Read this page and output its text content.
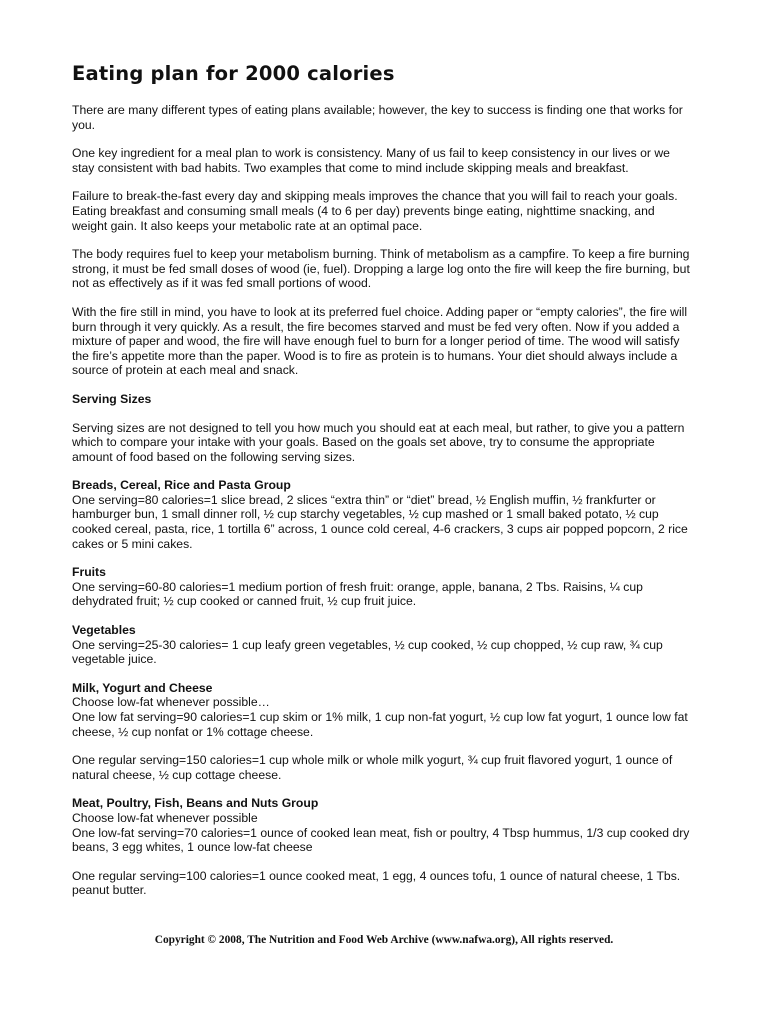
Eating plan for 2000 calories

There are many different types of eating plans available; however, the key to success is finding one that works for you.

One key ingredient for a meal plan to work is consistency. Many of us fail to keep consistency in our lives or we stay consistent with bad habits. Two examples that come to mind include skipping meals and breakfast.

Failure to break-the-fast every day and skipping meals improves the chance that you will fail to reach your goals. Eating breakfast and consuming small meals (4 to 6 per day) prevents binge eating, nighttime snacking, and weight gain. It also keeps your metabolic rate at an optimal pace.

The body requires fuel to keep your metabolism burning. Think of metabolism as a campfire. To keep a fire burning strong, it must be fed small doses of wood (ie, fuel). Dropping a large log onto the fire will keep the fire burning, but not as effectively as if it was fed small portions of wood.

With the fire still in mind, you have to look at its preferred fuel choice. Adding paper or “empty calories”, the fire will burn through it very quickly. As a result, the fire becomes starved and must be fed very often. Now if you added a mixture of paper and wood, the fire will have enough fuel to burn for a longer period of time. The wood will satisfy the fire’s appetite more than the paper. Wood is to fire as protein is to humans. Your diet should always include a source of protein at each meal and snack.

Serving Sizes

Serving sizes are not designed to tell you how much you should eat at each meal, but rather, to give you a pattern which to compare your intake with your goals. Based on the goals set above, try to consume the appropriate amount of food based on the following serving sizes.

Breads, Cereal, Rice and Pasta Group
One serving=80 calories=1 slice bread, 2 slices “extra thin” or “diet” bread, ½ English muffin, ½ frankfurter or hamburger bun, 1 small dinner roll, ½ cup starchy vegetables, ½ cup mashed or 1 small baked potato, ½ cup cooked cereal, pasta, rice, 1 tortilla 6” across, 1 ounce cold cereal, 4-6 crackers, 3 cups air popped popcorn, 2 rice cakes or 5 mini cakes.
Fruits
One serving=60-80 calories=1 medium portion of fresh fruit: orange, apple, banana, 2 Tbs. Raisins, ¼ cup dehydrated fruit; ½ cup cooked or canned fruit, ½ cup fruit juice.
Vegetables
One serving=25-30 calories= 1 cup leafy green vegetables, ½ cup cooked, ½ cup chopped, ½ cup raw, ¾ cup vegetable juice.
Milk, Yogurt and Cheese
Choose low-fat whenever possible…
One low fat serving=90 calories=1 cup skim or 1% milk, 1 cup non-fat yogurt, ½ cup low fat yogurt, 1 ounce low fat cheese, ½ cup nonfat or 1% cottage cheese.

One regular serving=150 calories=1 cup whole milk or whole milk yogurt, ¾ cup fruit flavored yogurt, 1 ounce of natural cheese, ½ cup cottage cheese.

Meat, Poultry, Fish, Beans and Nuts Group
Choose low-fat whenever possible
One low-fat serving=70 calories=1 ounce of cooked lean meat, fish or poultry, 4 Tbsp hummus, 1/3 cup cooked dry beans, 3 egg whites, 1 ounce low-fat cheese

One regular serving=100 calories=1 ounce cooked meat, 1 egg, 4 ounces tofu, 1 ounce of natural cheese, 1 Tbs. peanut butter.

Copyright © 2008, The Nutrition and Food Web Archive (www.nafwa.org), All rights reserved.
